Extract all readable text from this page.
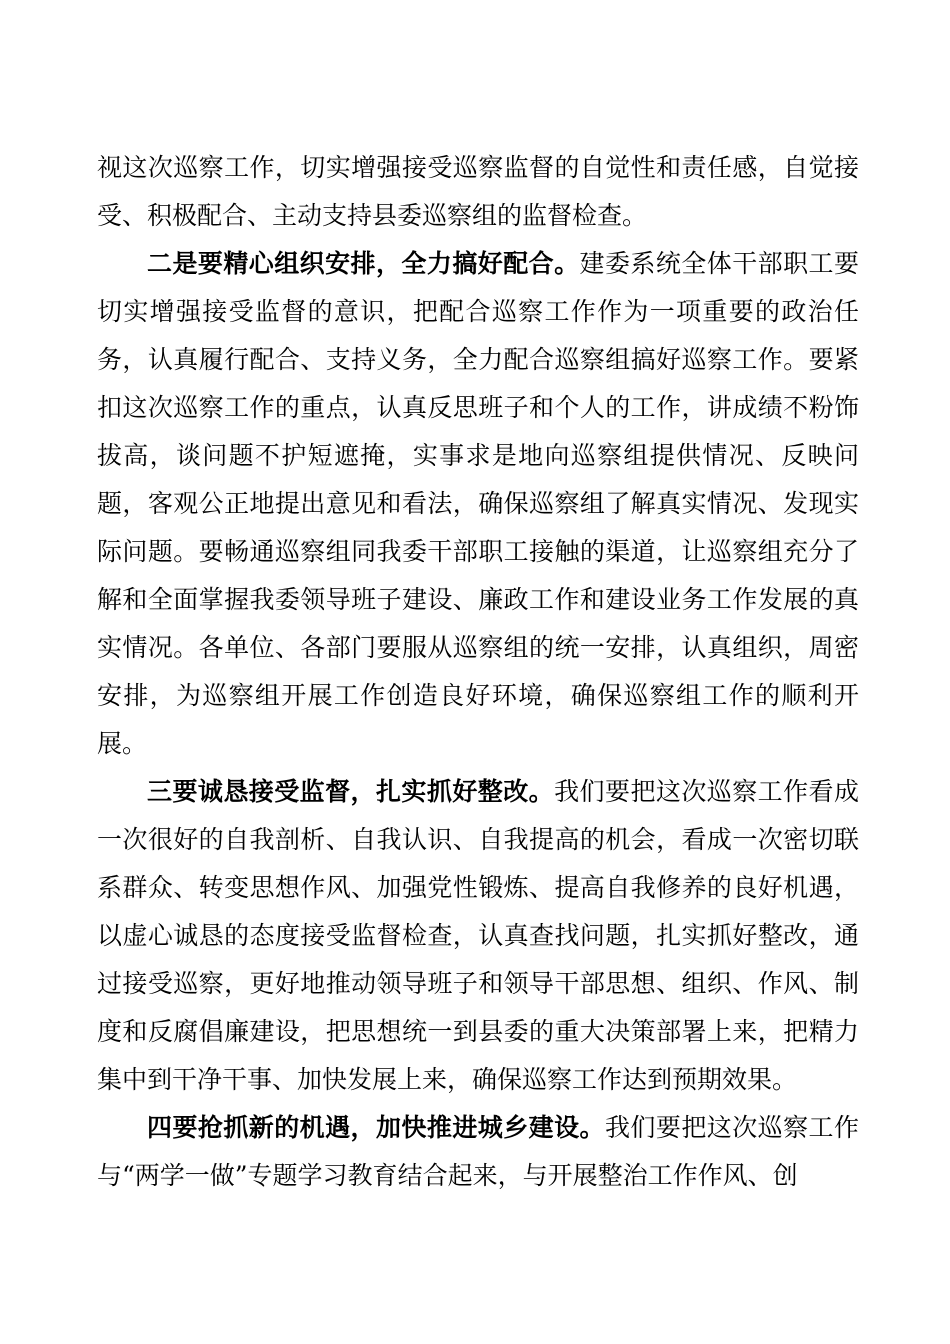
视这次巡察工作，切实增强接受巡察监督的自觉性和责任感，自觉接受、积极配合、主动支持县委巡察组的监督检查。

二是要精心组织安排，全力搞好配合。建委系统全体干部职工要切实增强接受监督的意识，把配合巡察工作作为一项重要的政治任务，认真履行配合、支持义务，全力配合巡察组搞好巡察工作。要紧扣这次巡察工作的重点，认真反思班子和个人的工作，讲成绩不粉饰拔高，谈问题不护短遮掩，实事求是地向巡察组提供情况、反映问题，客观公正地提出意见和看法，确保巡察组了解真实情况、发现实际问题。要畅通巡察组同我委干部职工接触的渠道，让巡察组充分了解和全面掌握我委领导班子建设、廉政工作和建设业务工作发展的真实情况。各单位、各部门要服从巡察组的统一安排，认真组织，周密安排，为巡察组开展工作创造良好环境，确保巡察组工作的顺利开展。

三要诚恳接受监督，扎实抓好整改。我们要把这次巡察工作看成一次很好的自我剖析、自我认识、自我提高的机会，看成一次密切联系群众、转变思想作风、加强党性锻炼、提高自我修养的良好机遇，以虚心诚恳的态度接受监督检查，认真查找问题，扎实抓好整改，通过接受巡察，更好地推动领导班子和领导干部思想、组织、作风、制度和反腐倡廉建设，把思想统一到县委的重大决策部署上来，把精力集中到干净干事、加快发展上来，确保巡察工作达到预期效果。

四要抢抓新的机遇，加快推进城乡建设。我们要把这次巡察工作与“两学一做”专题学习教育结合起来，与开展整治工作作风、创
